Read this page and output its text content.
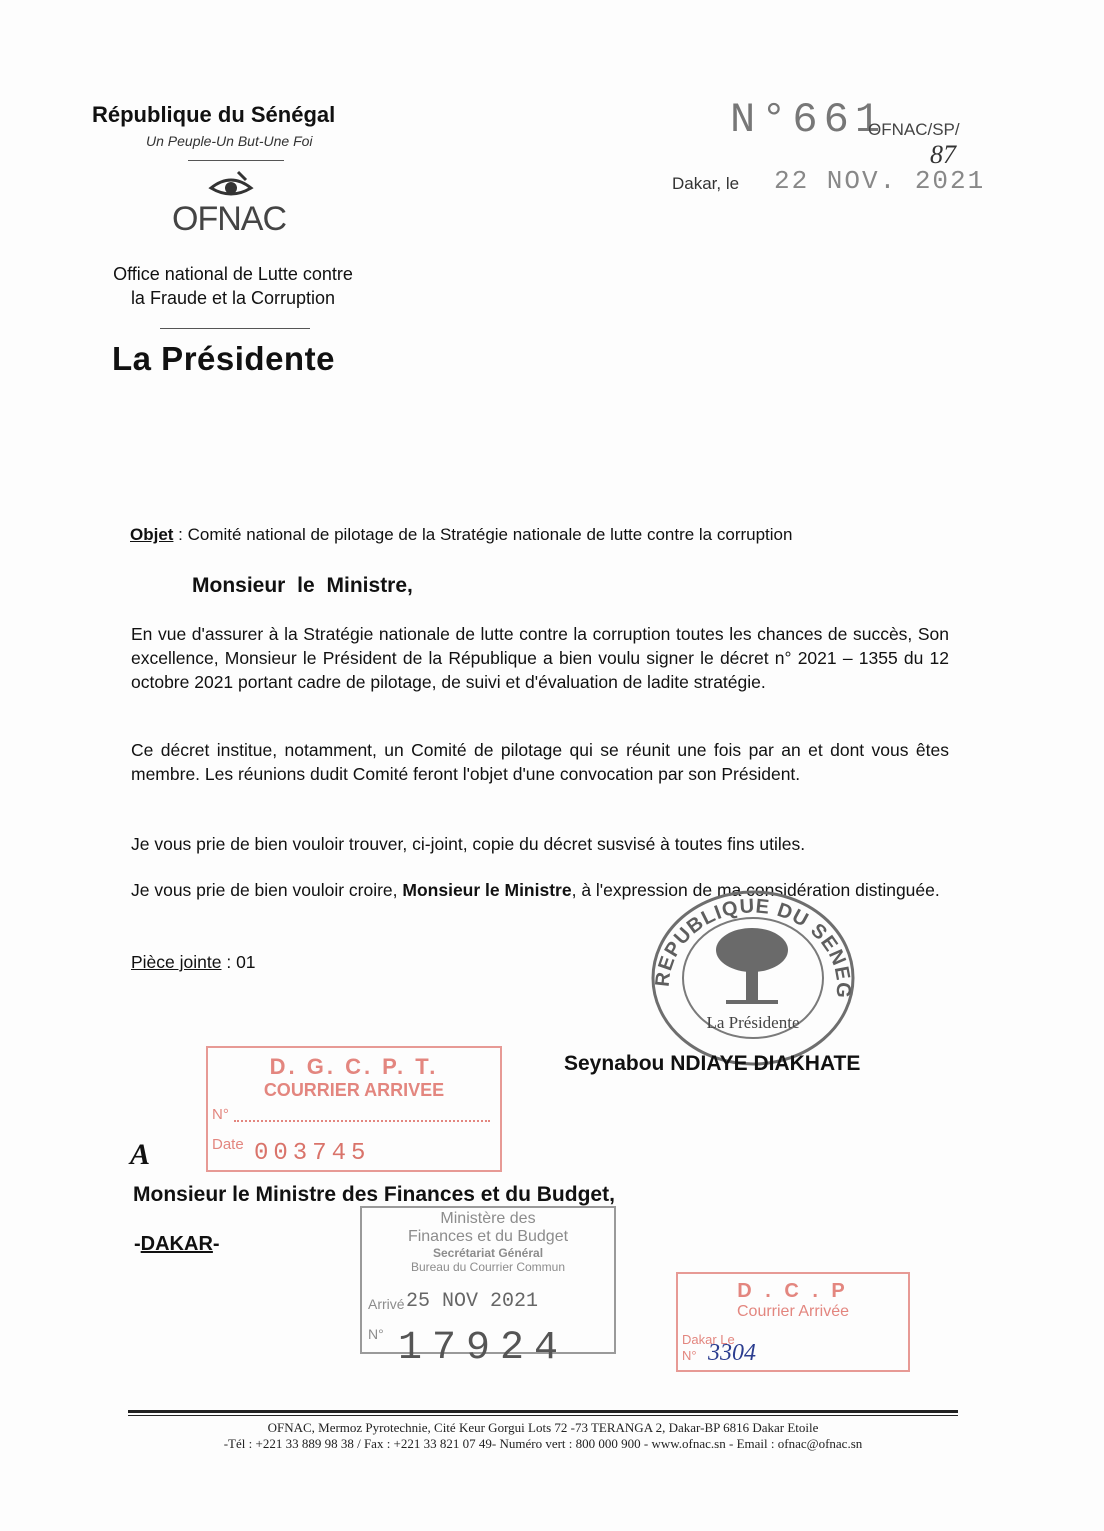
République du Sénégal
Un Peuple-Un But-Une Foi
OFNAC
Office national de Lutte contre
la Fraude et la Corruption
La Présidente
N°661
OFNAC/SP/
87
Dakar, le 22 NOV. 2021
Objet : Comité national de pilotage de la Stratégie nationale de lutte contre la corruption
Monsieur le Ministre,
En vue d'assurer à la Stratégie nationale de lutte contre la corruption toutes les chances de succès, Son excellence, Monsieur le Président de la République a bien voulu signer le décret n° 2021 – 1355 du 12 octobre 2021 portant cadre de pilotage, de suivi et d'évaluation de ladite stratégie.
Ce décret institue, notamment, un Comité de pilotage qui se réunit une fois par an et dont vous êtes membre. Les réunions dudit Comité feront l'objet d'une convocation par son Président.
Je vous prie de bien vouloir trouver, ci-joint, copie du décret susvisé à toutes fins utiles.
Je vous prie de bien vouloir croire, Monsieur le Ministre, à l'expression de ma considération distinguée.
Pièce jointe : 01
REPUBLIQUE DU SENEG
La Présidente
Seynabou NDIAYE DIAKHATE
D. G. C. P. T.
COURRIER ARRIVEE
N°
Date 003745
A
Monsieur le Ministre des Finances et du Budget,
-DAKAR-
Ministère des
Finances et du Budget
Secrétariat Général
Bureau du Courrier Commun
Arrivé 25 NOV 2021
N° 17924
D . C . P
Courrier Arrivée
Dakar Le
N° 3304
OFNAC, Mermoz Pyrotechnie, Cité Keur Gorgui Lots 72 -73 TERANGA 2, Dakar-BP 6816 Dakar Etoile
-Tél : +221 33 889 98 38 / Fax : +221 33 821 07 49- Numéro vert : 800 000 900 - www.ofnac.sn - Email : ofnac@ofnac.sn
